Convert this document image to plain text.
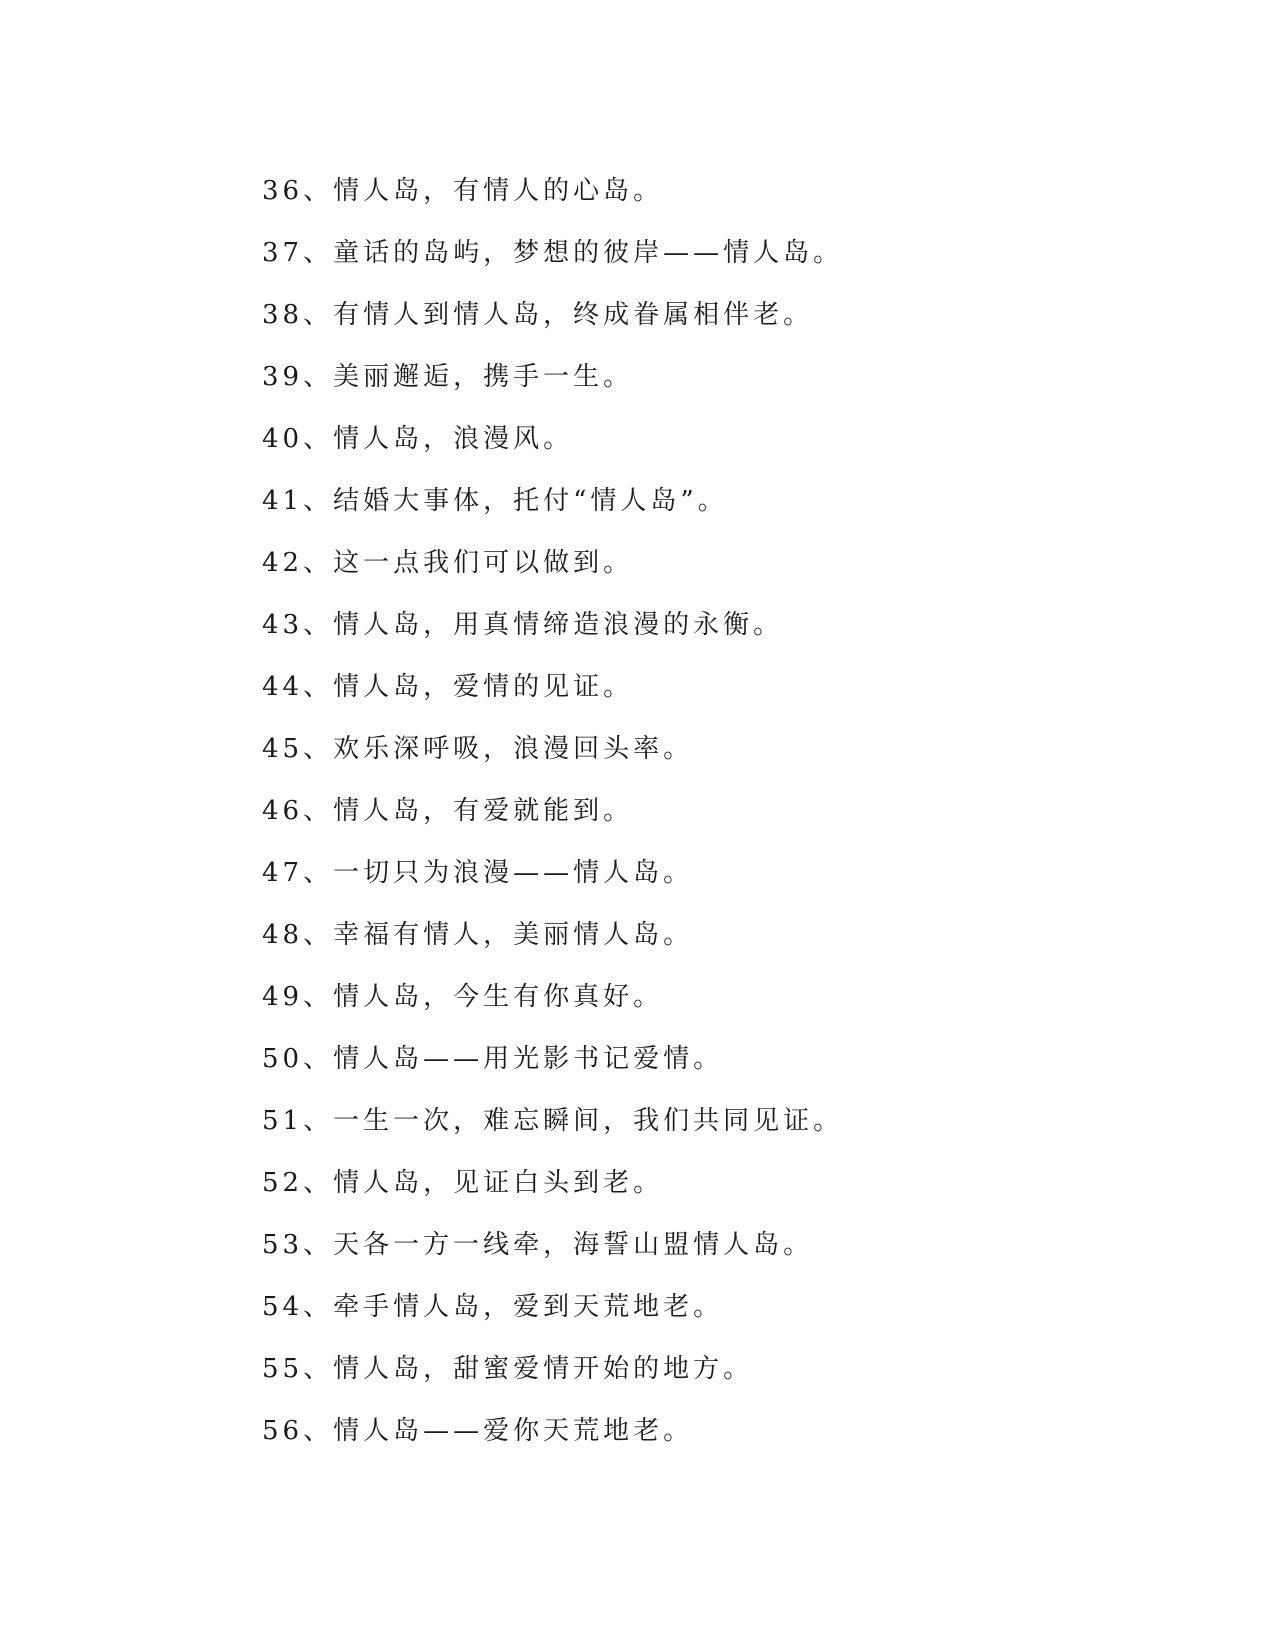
36、情人岛，有情人的心岛。
37、童话的岛屿，梦想的彼岸——情人岛。
38、有情人到情人岛，终成眷属相伴老。
39、美丽邂逅，携手一生。
40、情人岛，浪漫风。
41、结婚大事体，托付“情人岛”。
42、这一点我们可以做到。
43、情人岛，用真情缔造浪漫的永衡。
44、情人岛，爱情的见证。
45、欢乐深呼吸，浪漫回头率。
46、情人岛，有爱就能到。
47、一切只为浪漫——情人岛。
48、幸福有情人，美丽情人岛。
49、情人岛，今生有你真好。
50、情人岛——用光影书记爱情。
51、一生一次，难忘瞬间，我们共同见证。
52、情人岛，见证白头到老。
53、天各一方一线牵，海誓山盟情人岛。
54、牵手情人岛，爱到天荒地老。
55、情人岛，甜蜜爱情开始的地方。
56、情人岛——爱你天荒地老。
